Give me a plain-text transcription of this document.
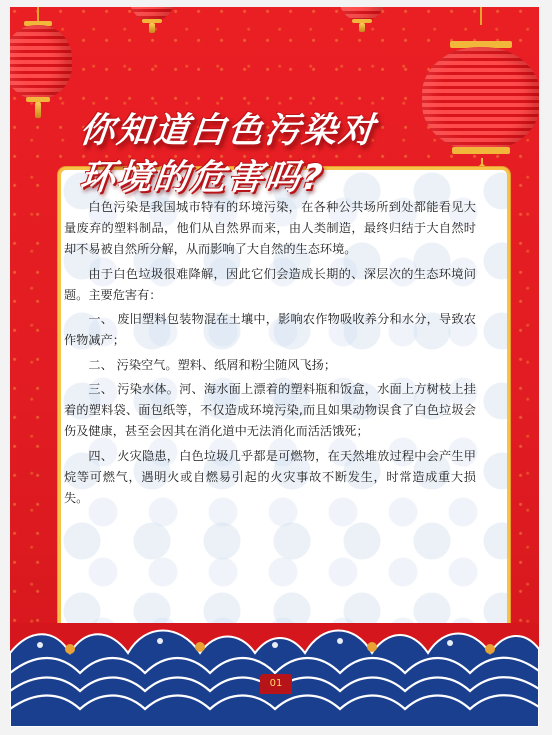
你知道白色污染对
环境的危害吗?

白色污染是我国城市特有的环境污染，在各种公共场所到处都能看见大量废弃的塑料制品，他们从自然界而来，由人类制造，最终归结于大自然时却不易被自然所分解，从而影响了大自然的生态环境。

由于白色垃圾很难降解，因此它们会造成长期的、深层次的生态环境问题。主要危害有：

一、 废旧塑料包装物混在土壤中，影响农作物吸收养分和水分，导致农作物减产；

二、 污染空气。塑料、纸屑和粉尘随风飞扬；

三、 污染水体。河、海水面上漂着的塑料瓶和饭盒，水面上方树枝上挂着的塑料袋、面包纸等，不仅造成环境污染,而且如果动物误食了白色垃圾会伤及健康，甚至会因其在消化道中无法消化而活活饿死；

四、 火灾隐患，白色垃圾几乎都是可燃物，在天然堆放过程中会产生甲烷等可燃气，遇明火或自燃易引起的火灾事故不断发生，时常造成重大损失。

01
